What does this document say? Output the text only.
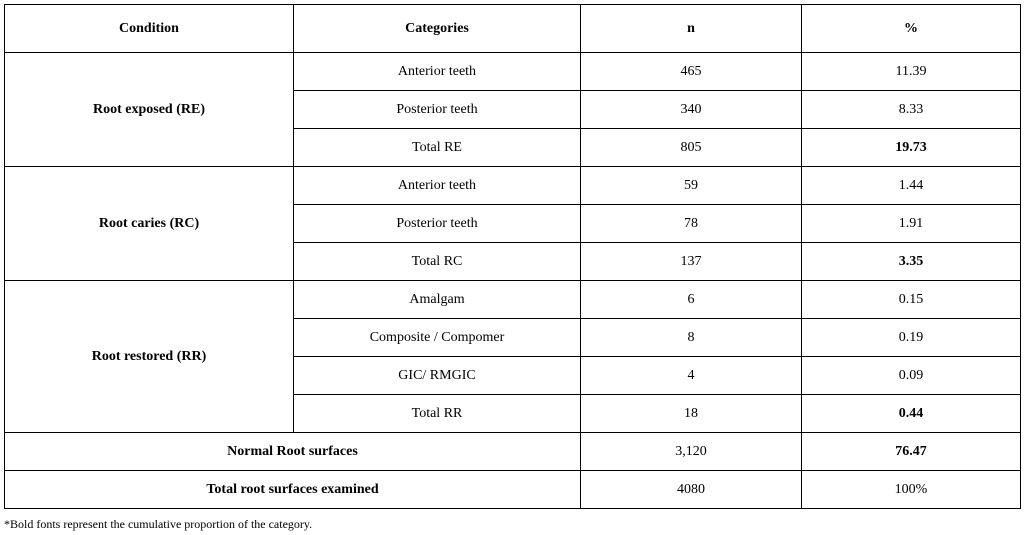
Condition	Categories	n	%
Root exposed (RE)	Anterior teeth	465	11.39
	Posterior teeth	340	8.33
	Total RE	805	19.73
Root caries (RC)	Anterior teeth	59	1.44
	Posterior teeth	78	1.91
	Total RC	137	3.35
Root restored (RR)	Amalgam	6	0.15
	Composite / Compomer	8	0.19
	GIC/ RMGIC	4	0.09
	Total RR	18	0.44
Normal Root surfaces		3,120	76.47
Total root surfaces examined		4080	100%
*Bold fonts represent the cumulative proportion of the category.
